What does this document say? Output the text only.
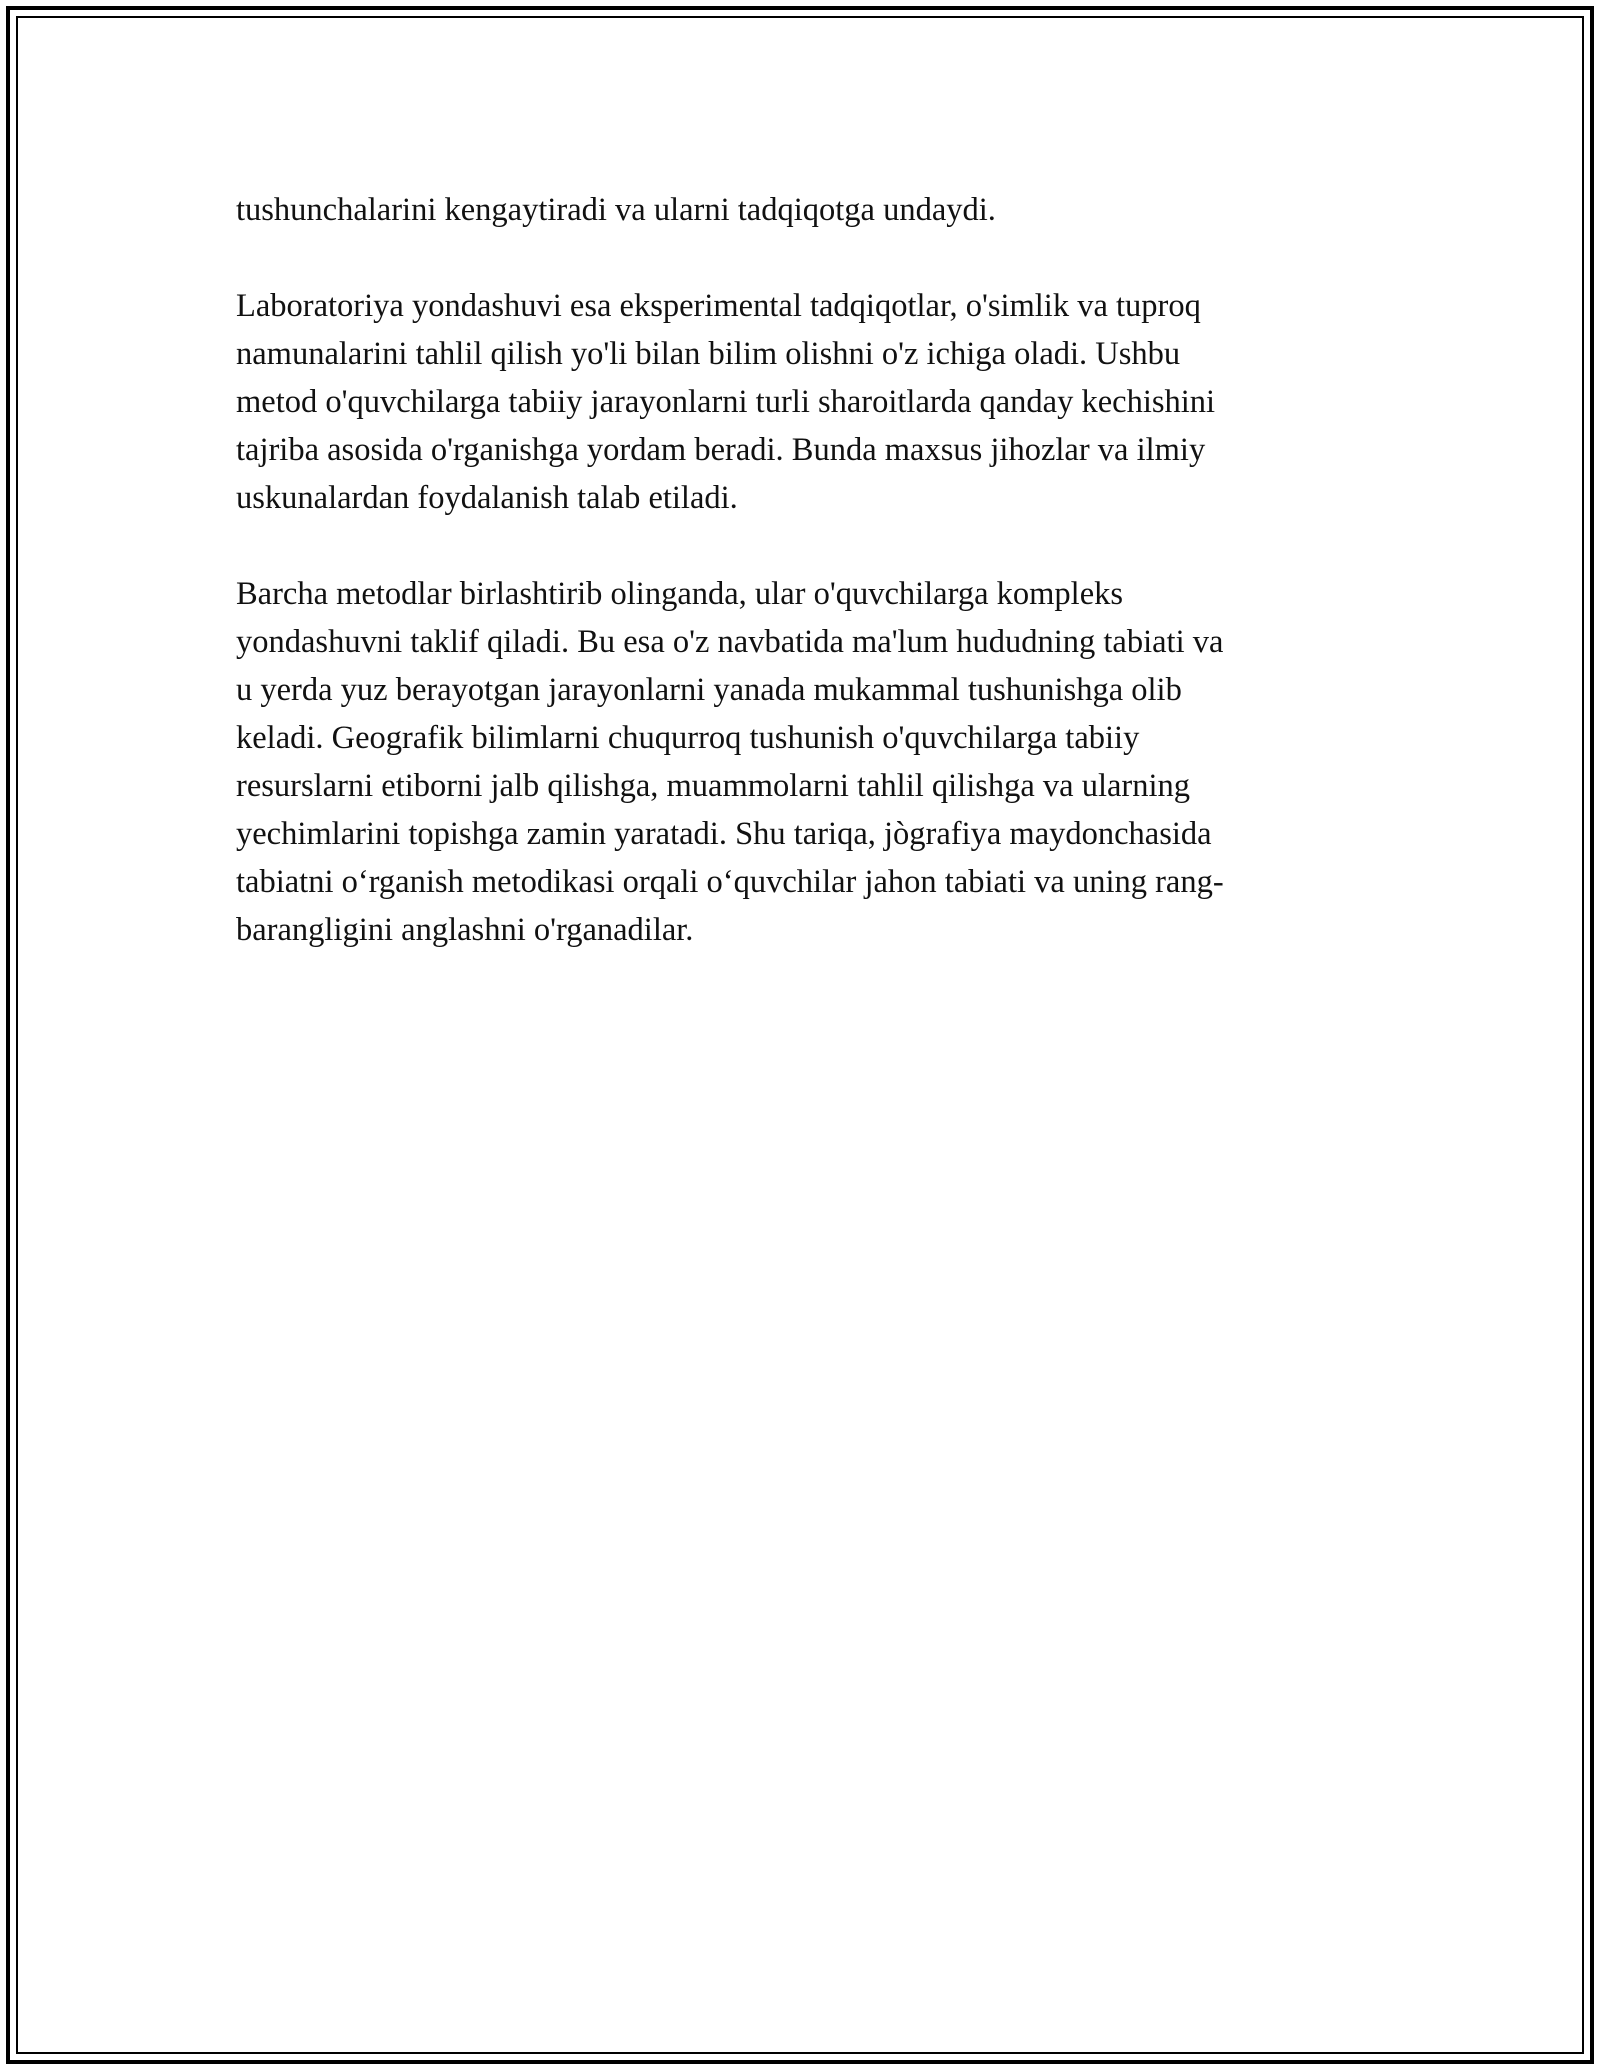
tushunchalarini kengaytiradi va ularni tadqiqotga undaydi.

Laboratoriya yondashuvi esa eksperimental tadqiqotlar, o'simlik va tuproq
namunalarini tahlil qilish yo'li bilan bilim olishni o'z ichiga oladi. Ushbu
metod o'quvchilarga tabiiy jarayonlarni turli sharoitlarda qanday kechishini
tajriba asosida o'rganishga yordam beradi. Bunda maxsus jihozlar va ilmiy
uskunalardan foydalanish talab etiladi.

Barcha metodlar birlashtirib olinganda, ular o'quvchilarga kompleks
yondashuvni taklif qiladi. Bu esa o'z navbatida ma'lum hududning tabiati va
u yerda yuz berayotgan jarayonlarni yanada mukammal tushunishga olib
keladi. Geografik bilimlarni chuqurroq tushunish o'quvchilarga tabiiy
resurslarni etiborni jalb qilishga, muammolarni tahlil qilishga va ularning
yechimlarini topishga zamin yaratadi. Shu tariqa, jògrafiya maydonchasida
tabiatni o‘rganish metodikasi orqali o‘quvchilar jahon tabiati va uning rang-
barangligini anglashni o'rganadilar.
